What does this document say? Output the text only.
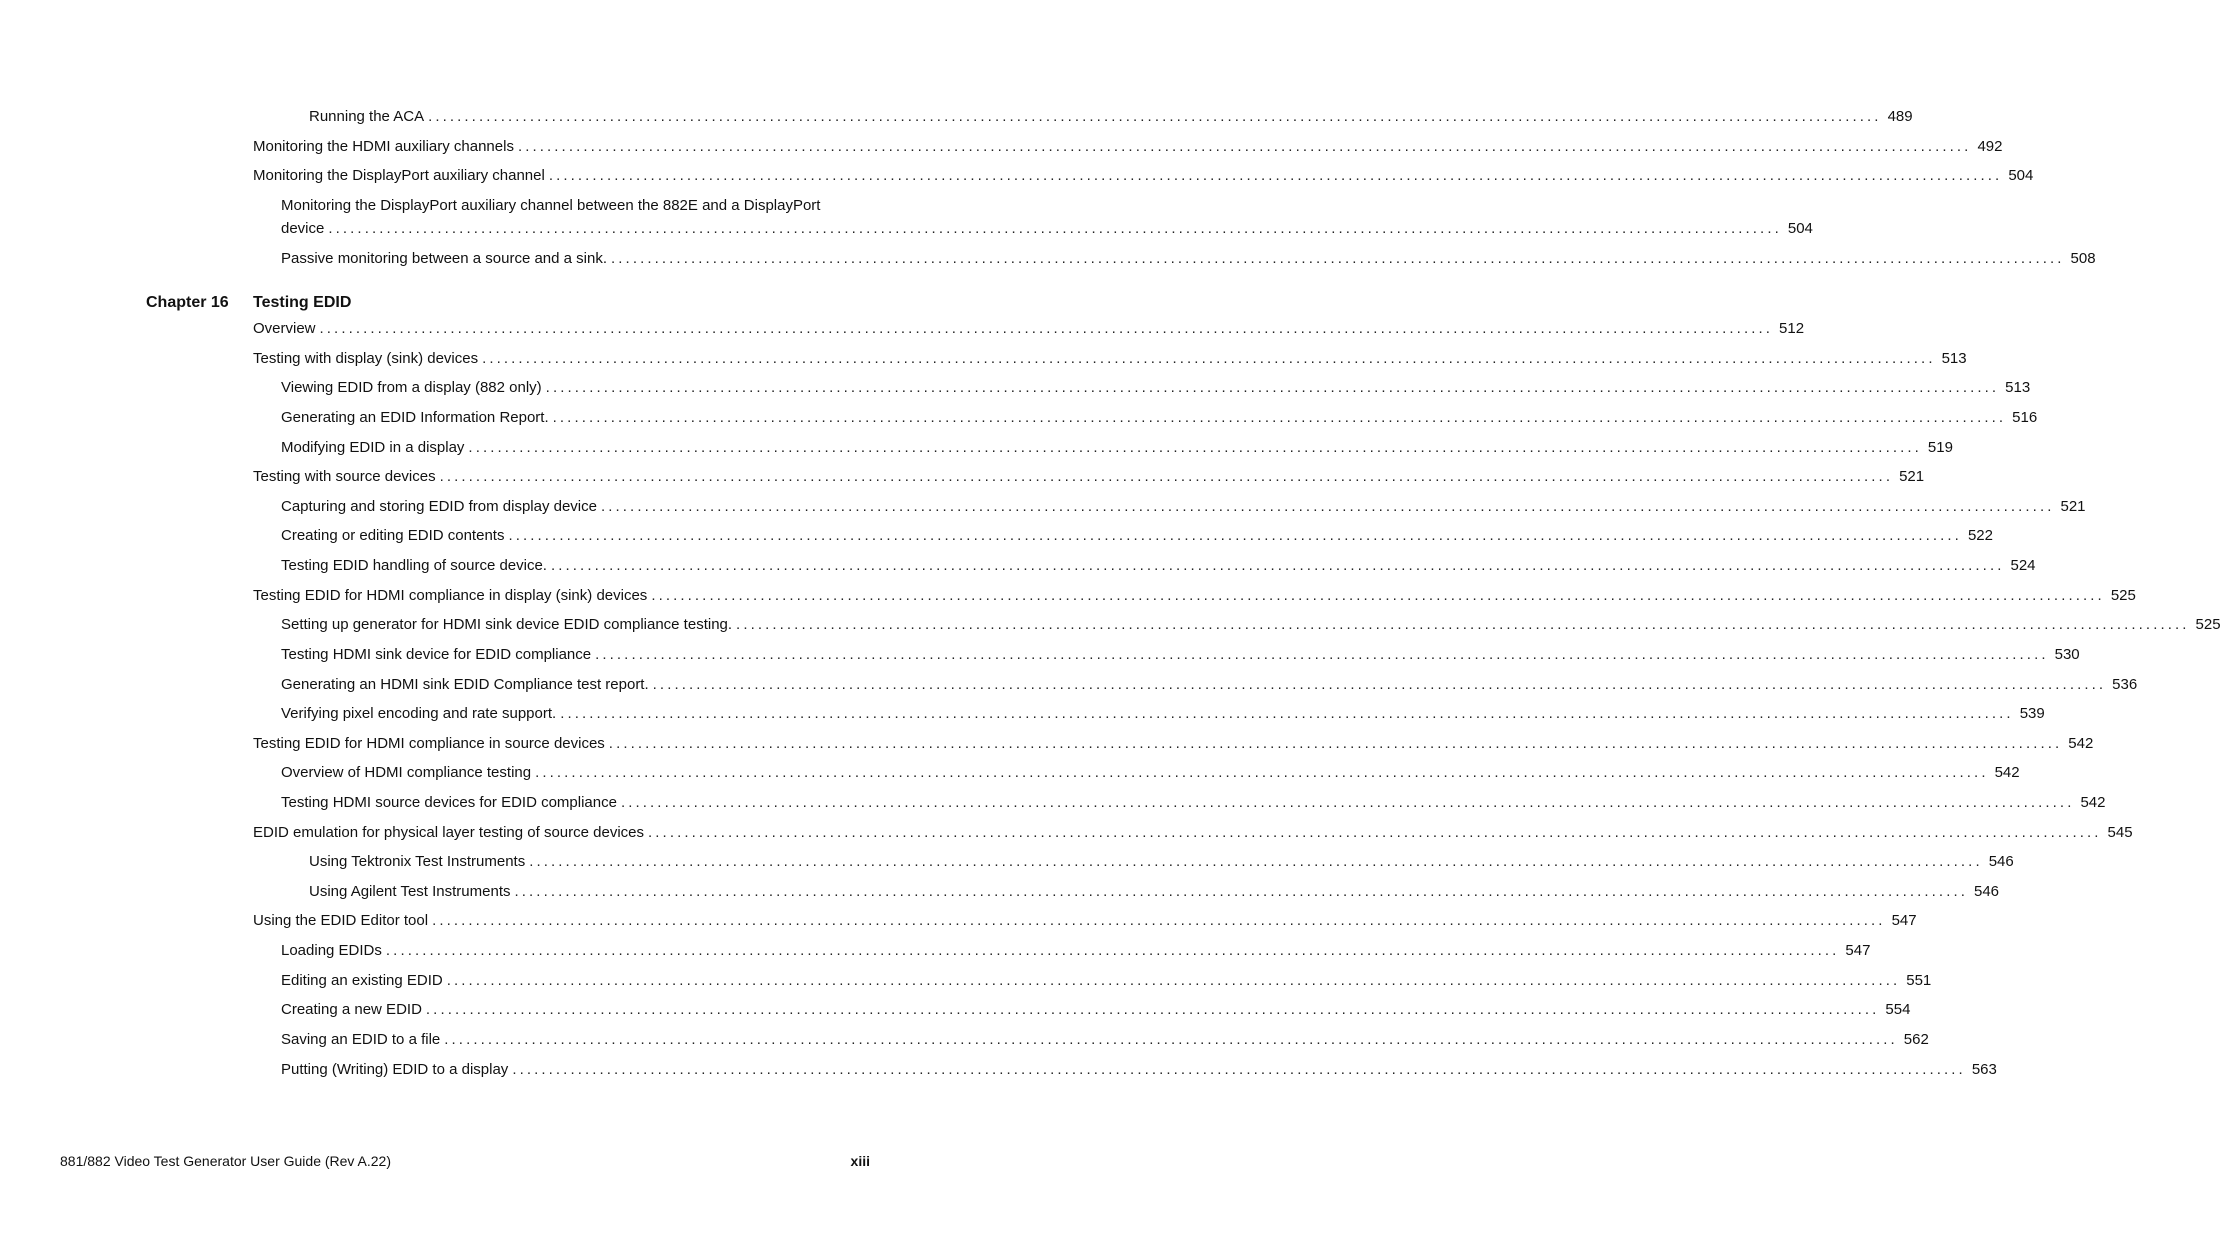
Running the ACA ........................................................................................................................................................................................................ 489
Monitoring the HDMI auxiliary channels ........................................................................................................................................................................................................ 492
Monitoring the DisplayPort auxiliary channel ........................................................................................................................................................................................................ 504
Monitoring the DisplayPort auxiliary channel between the 882E and a DisplayPort
device ........................................................................................................................................................................................................ 504
Passive monitoring between a source and a sink. ........................................................................................................................................................................................................ 508
Chapter 16 Testing EDID
Overview ........................................................................................................................................................................................................ 512
Testing with display (sink) devices ........................................................................................................................................................................................................ 513
Viewing EDID from a display (882 only) ........................................................................................................................................................................................................ 513
Generating an EDID Information Report. ........................................................................................................................................................................................................ 516
Modifying EDID in a display ........................................................................................................................................................................................................ 519
Testing with source devices ........................................................................................................................................................................................................ 521
Capturing and storing EDID from display device ........................................................................................................................................................................................................ 521
Creating or editing EDID contents ........................................................................................................................................................................................................ 522
Testing EDID handling of source device. ........................................................................................................................................................................................................ 524
Testing EDID for HDMI compliance in display (sink) devices ........................................................................................................................................................................................................ 525
Setting up generator for HDMI sink device EDID compliance testing. ........................................................................................................................................................................................................ 525
Testing HDMI sink device for EDID compliance ........................................................................................................................................................................................................ 530
Generating an HDMI sink EDID Compliance test report. ........................................................................................................................................................................................................ 536
Verifying pixel encoding and rate support. ........................................................................................................................................................................................................ 539
Testing EDID for HDMI compliance in source devices ........................................................................................................................................................................................................ 542
Overview of HDMI compliance testing ........................................................................................................................................................................................................ 542
Testing HDMI source devices for EDID compliance ........................................................................................................................................................................................................ 542
EDID emulation for physical layer testing of source devices ........................................................................................................................................................................................................ 545
Using Tektronix Test Instruments ........................................................................................................................................................................................................ 546
Using Agilent Test Instruments ........................................................................................................................................................................................................ 546
Using the EDID Editor tool ........................................................................................................................................................................................................ 547
Loading EDIDs ........................................................................................................................................................................................................ 547
Editing an existing EDID ........................................................................................................................................................................................................ 551
Creating a new EDID ........................................................................................................................................................................................................ 554
Saving an EDID to a file ........................................................................................................................................................................................................ 562
Putting (Writing) EDID to a display ........................................................................................................................................................................................................ 563
881/882 Video Test Generator User Guide (Rev A.22)	xiii
